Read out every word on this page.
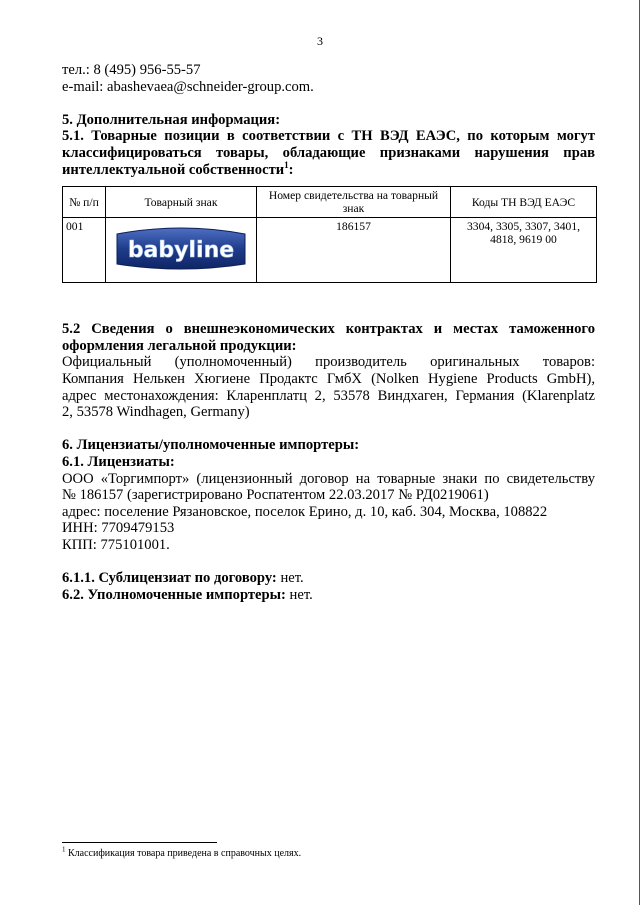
3
тел.: 8 (495) 956-55-57
e-mail: abashevaea@schneider-group.com.
5. Дополнительная информация:
5.1. Товарные позиции в соответствии с ТН ВЭД ЕАЭС, по которым могут
классифицироваться товары, обладающие признаками нарушения прав
интеллектуальной собственности$^1$:
№ п/п	Товарный знак	Номер свидетельства на товарный знак	Коды ТН ВЭД ЕАЭС
001	babyline	186157	3304, 3305, 3307, 3401,
4818, 9619 00
5.2 Сведения о внешнеэкономических контрактах и местах таможенного
оформления легальной продукции:
Официальный (уполномоченный) производитель оригинальных товаров:
Компания Нелькен Хюгиене Продактс ГмбХ (Nolken Hygiene Products GmbH),
адрес местонахождения: Кларенплатц 2, 53578 Виндхаген, Германия (Klarenplatz
2, 53578 Windhagen, Germany)
6. Лицензиаты/уполномоченные импортеры:
6.1. Лицензиаты:
ООО «Торгимпорт» (лицензионный договор на товарные знаки по свидетельству
№ 186157 (зарегистрировано Роспатентом 22.03.2017 № РД0219061)
адрес: поселение Рязановское, поселок Ерино, д. 10, каб. 304, Москва, 108822
ИНН: 7709479153
КПП: 775101001.
6.1.1. Сублицензиат по договору: нет.
6.2. Уполномоченные импортеры: нет.
$^1$ Классификация товара приведена в справочных целях.
